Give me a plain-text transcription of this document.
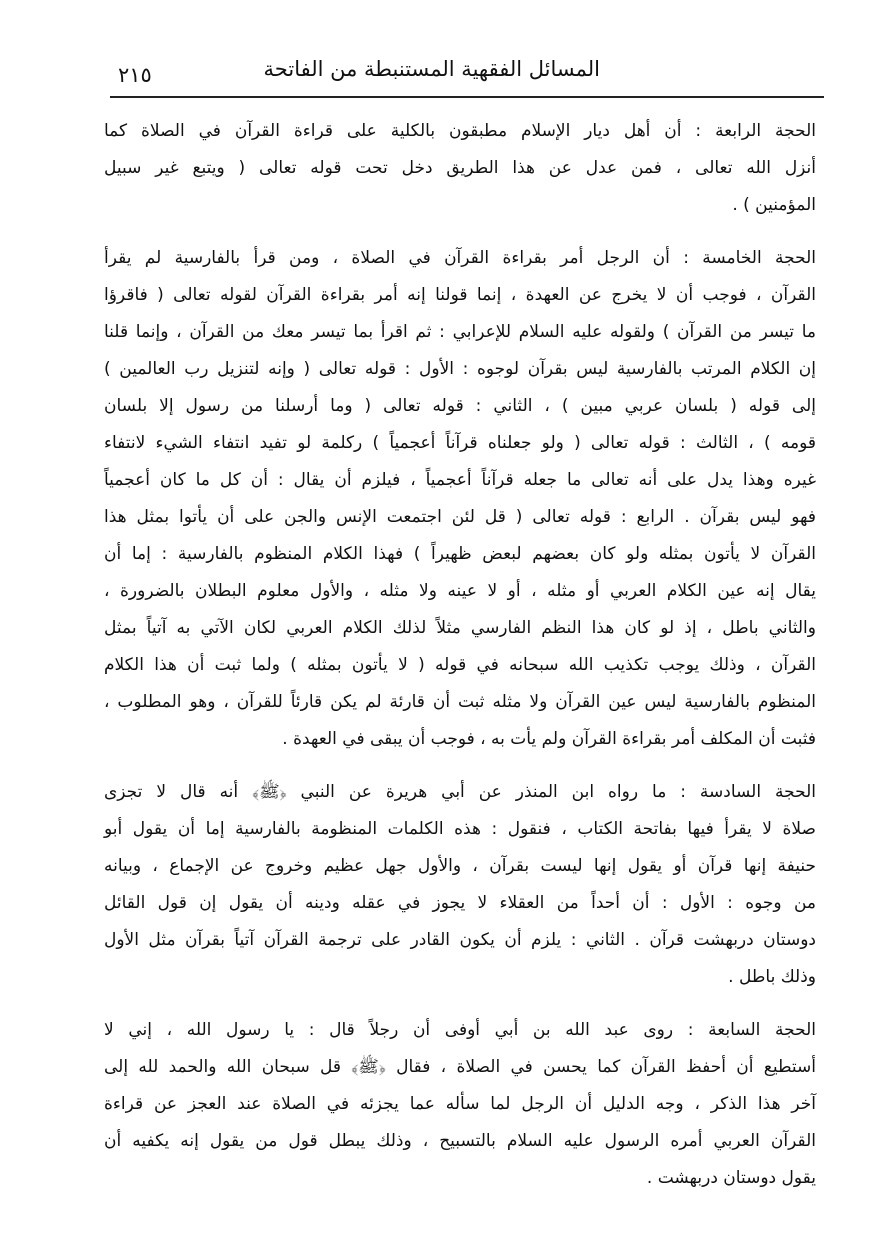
المسائل الفقهية المستنبطة من الفاتحة
٢١٥
الحجة الرابعة : أن أهل ديار الإسلام مطبقون بالكلية على قراءة القرآن في الصلاة كما
أنزل الله تعالى ، فمن عدل عن هذا الطريق دخل تحت قوله تعالى ( ويتبع غير سبيل
المؤمنين ) .
الحجة الخامسة : أن الرجل أمر بقراءة القرآن في الصلاة ، ومن قرأ بالفارسية لم يقرأ
القرآن ، فوجب أن لا يخرج عن العهدة ، إنما قولنا إنه أمر بقراءة القرآن لقوله تعالى ( فاقرؤا
ما تيسر من القرآن ) ولقوله عليه السلام للإعرابي : ثم اقرأ بما تيسر معك من القرآن ، وإنما قلنا
إن الكلام المرتب بالفارسية ليس بقرآن لوجوه : الأول : قوله تعالى ( وإنه لتنزيل رب العالمين )
إلى قوله ( بلسان عربي مبين ) ، الثاني : قوله تعالى ( وما أرسلنا من رسول إلا بلسان
قومه ) ، الثالث : قوله تعالى ( ولو جعلناه قرآناً أعجمياً ) ركلمة لو تفيد انتفاء الشيء لانتفاء
غيره وهذا يدل على أنه تعالى ما جعله قرآناً أعجمياً ، فيلزم أن يقال : أن كل ما كان أعجمياً
فهو ليس بقرآن . الرابع : قوله تعالى ( قل لئن اجتمعت الإنس والجن على أن يأتوا بمثل هذا
القرآن لا يأتون بمثله ولو كان بعضهم لبعض ظهيراً ) فهذا الكلام المنظوم بالفارسية : إما أن
يقال إنه عين الكلام العربي أو مثله ، أو لا عينه ولا مثله ، والأول معلوم البطلان بالضرورة ،
والثاني باطل ، إذ لو كان هذا النظم الفارسي مثلاً لذلك الكلام العربي لكان الآتي به آتياً بمثل
القرآن ، وذلك يوجب تكذيب الله سبحانه في قوله ( لا يأتون بمثله ) ولما ثبت أن هذا الكلام
المنظوم بالفارسية ليس عين القرآن ولا مثله ثبت أن قارئة لم يكن قارئاً للقرآن ، وهو المطلوب ،
فثبت أن المكلف أمر بقراءة القرآن ولم يأت به ، فوجب أن يبقى في العهدة .
الحجة السادسة : ما رواه ابن المنذر عن أبي هريرة عن النبي ﴿ﷺ﴾ أنه قال لا تجزى
صلاة لا يقرأ فيها بفاتحة الكتاب ، فنقول : هذه الكلمات المنظومة بالفارسية إما أن يقول أبو
حنيفة إنها قرآن أو يقول إنها ليست بقرآن ، والأول جهل عظيم وخروج عن الإجماع ، وبيانه
من وجوه : الأول : أن أحداً من العقلاء لا يجوز في عقله ودينه أن يقول إن قول القائل
دوستان دربهشت قرآن . الثاني : يلزم أن يكون القادر على ترجمة القرآن آتياً بقرآن مثل الأول
وذلك باطل .
الحجة السابعة : روى عبد الله بن أبي أوفى أن رجلاً قال : يا رسول الله ، إني لا
أستطيع أن أحفظ القرآن كما يحسن في الصلاة ، فقال ﴿ﷺ﴾ قل سبحان الله والحمد لله إلى
آخر هذا الذكر ، وجه الدليل أن الرجل لما سأله عما يجزئه في الصلاة عند العجز عن قراءة
القرآن العربي أمره الرسول عليه السلام بالتسبيح ، وذلك يبطل قول من يقول إنه يكفيه أن
يقول دوستان دربهشت .
